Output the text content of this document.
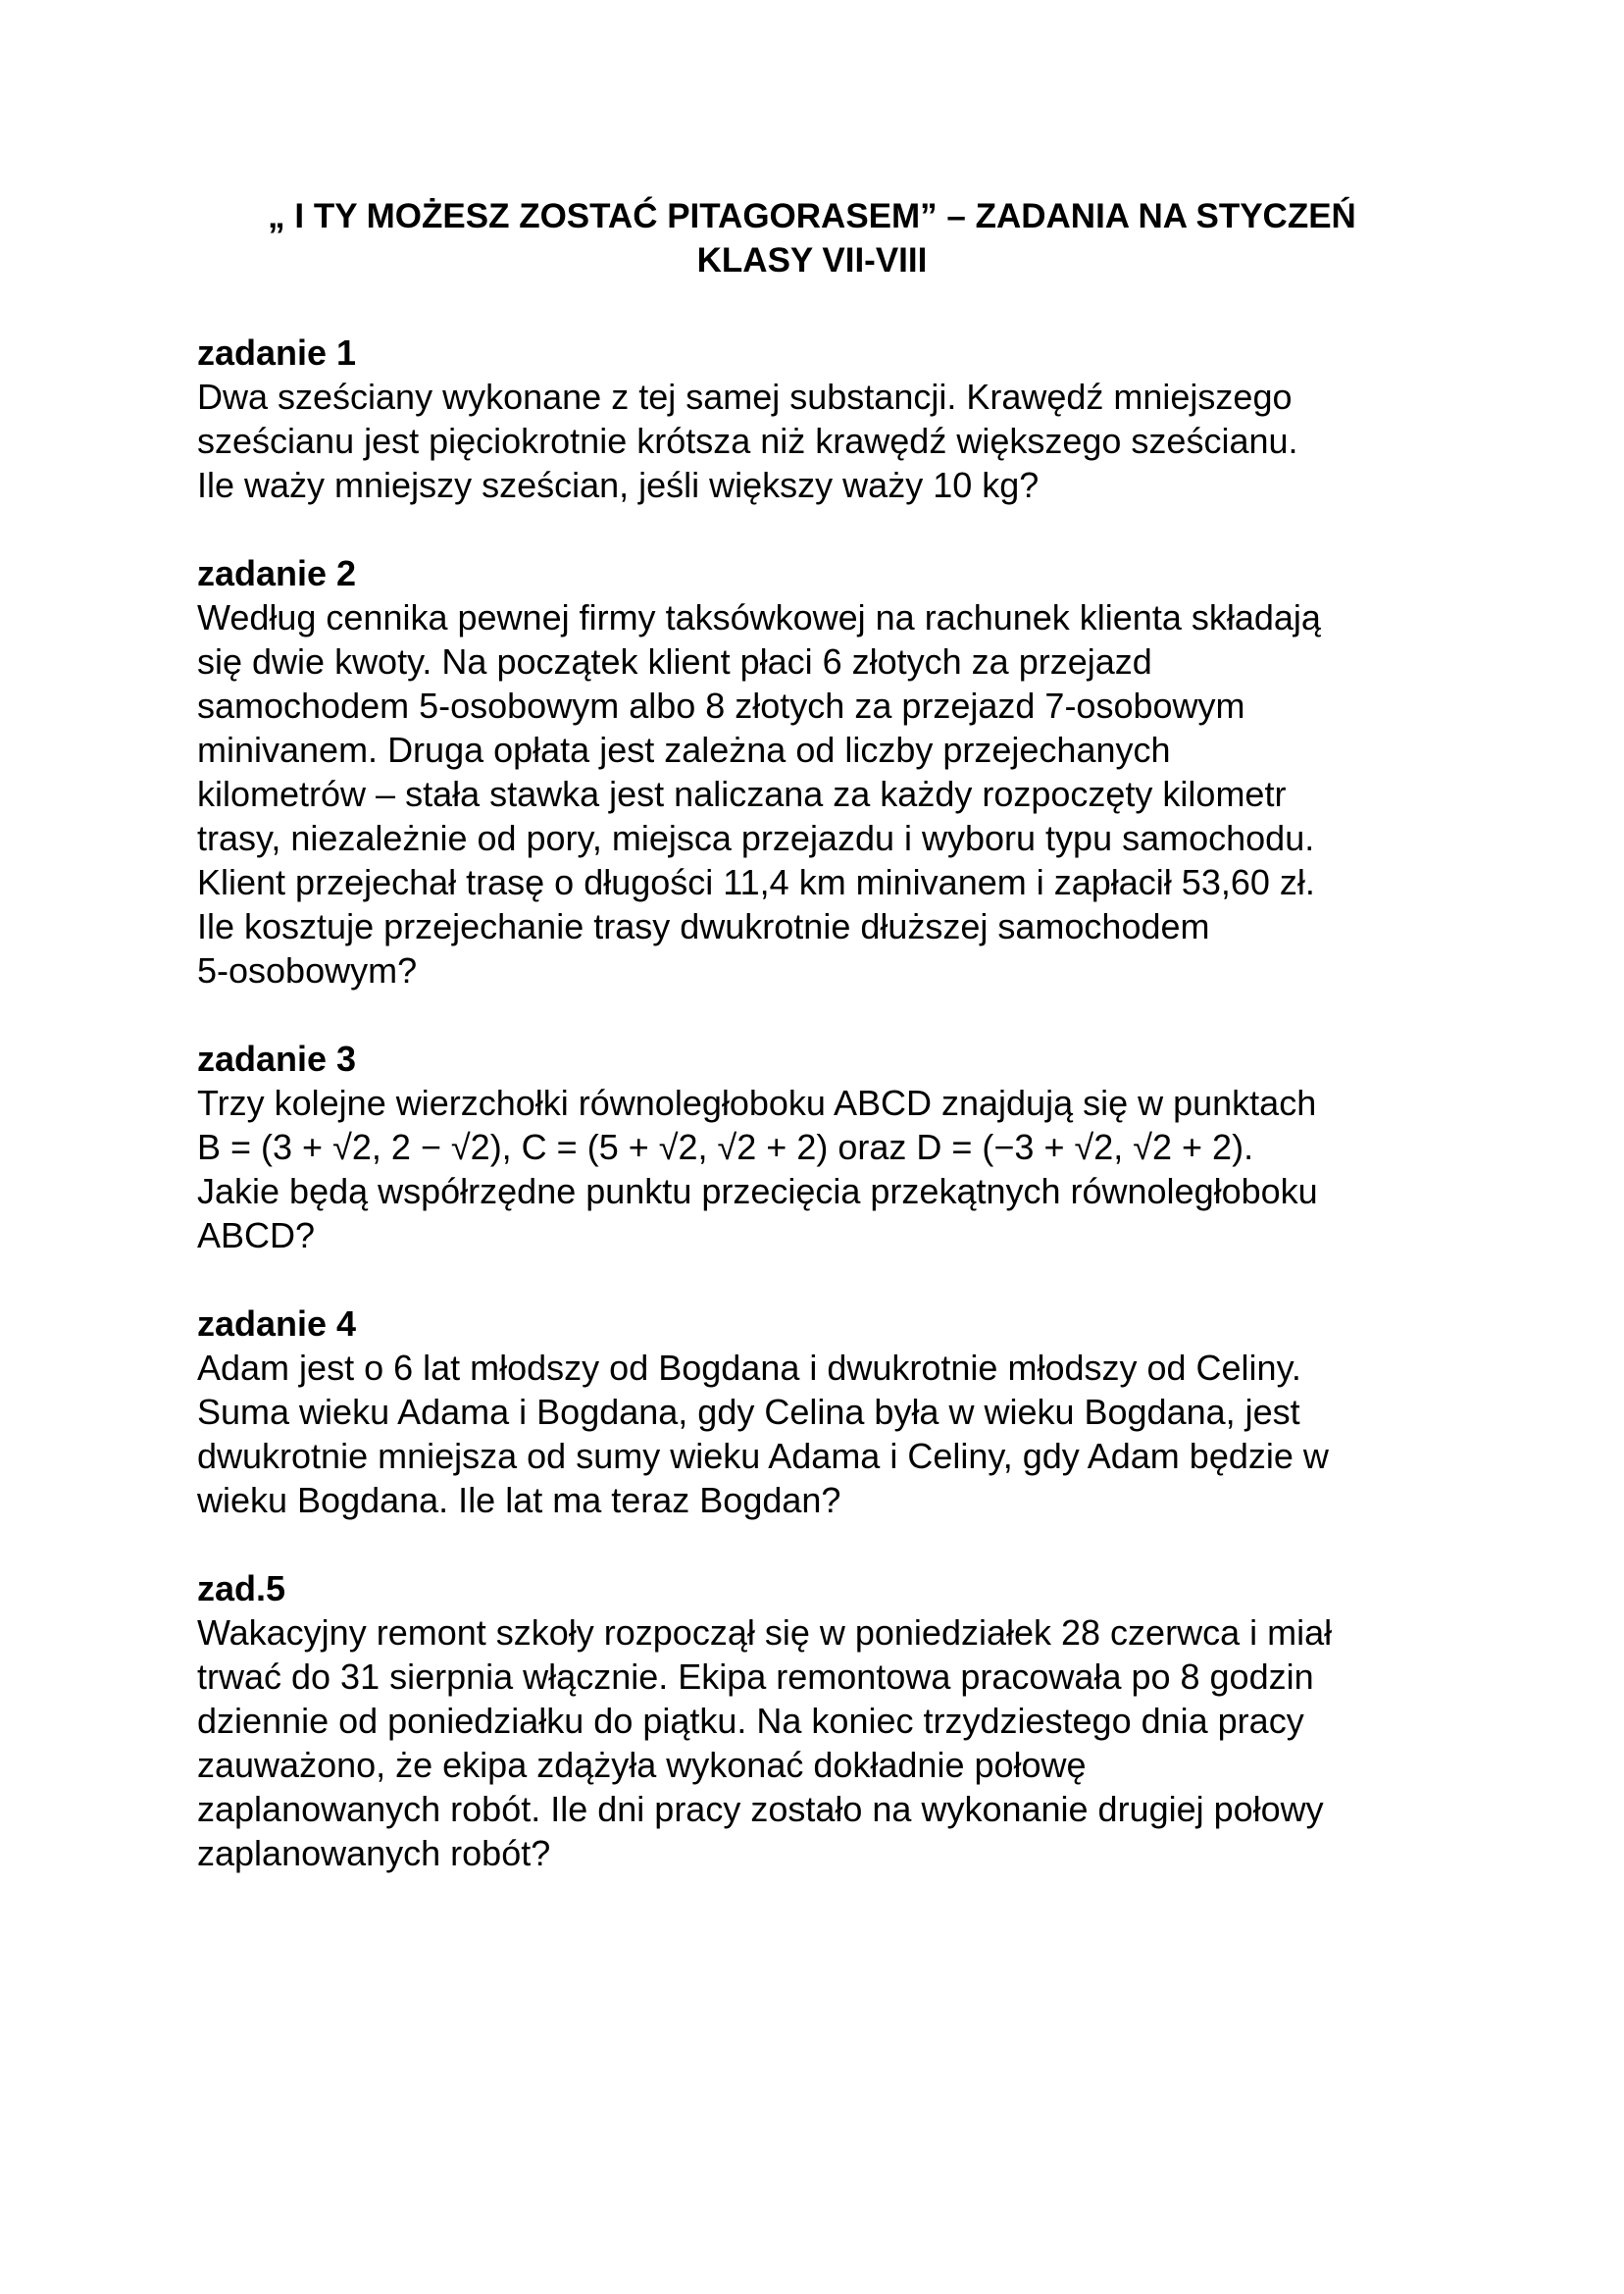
„ I TY MOŻESZ ZOSTAĆ PITAGORASEM” – ZADANIA NA STYCZEŃ
KLASY VII-VIII
zadanie 1
Dwa sześciany wykonane z tej samej substancji. Krawędź mniejszego
sześcianu jest pięciokrotnie krótsza niż krawędź większego sześcianu.
Ile waży mniejszy sześcian, jeśli większy waży 10 kg?
zadanie 2
Według cennika pewnej firmy taksówkowej na rachunek klienta składają
się dwie kwoty. Na początek klient płaci 6 złotych za przejazd
samochodem 5-osobowym albo 8 złotych za przejazd 7-osobowym
minivanem. Druga opłata jest zależna od liczby przejechanych
kilometrów – stała stawka jest naliczana za każdy rozpoczęty kilometr
trasy, niezależnie od pory, miejsca przejazdu i wyboru typu samochodu.
Klient przejechał trasę o długości 11,4 km minivanem i zapłacił 53,60 zł.
Ile kosztuje przejechanie trasy dwukrotnie dłuższej samochodem
5-osobowym?
zadanie 3
Trzy kolejne wierzchołki równoległoboku ABCD znajdują się w punktach
B = (3 + √2, 2 − √2), C = (5 + √2, √2 + 2) oraz D = (−3 + √2, √2 + 2).
Jakie będą współrzędne punktu przecięcia przekątnych równoległoboku
ABCD?
zadanie 4
Adam jest o 6 lat młodszy od Bogdana i dwukrotnie młodszy od Celiny.
Suma wieku Adama i Bogdana, gdy Celina była w wieku Bogdana, jest
dwukrotnie mniejsza od sumy wieku Adama i Celiny, gdy Adam będzie w
wieku Bogdana. Ile lat ma teraz Bogdan?
zad.5
Wakacyjny remont szkoły rozpoczął się w poniedziałek 28 czerwca i miał
trwać do 31 sierpnia włącznie. Ekipa remontowa pracowała po 8 godzin
dziennie od poniedziałku do piątku. Na koniec trzydziestego dnia pracy
zauważono, że ekipa zdążyła wykonać dokładnie połowę
zaplanowanych robót. Ile dni pracy zostało na wykonanie drugiej połowy
zaplanowanych robót?
